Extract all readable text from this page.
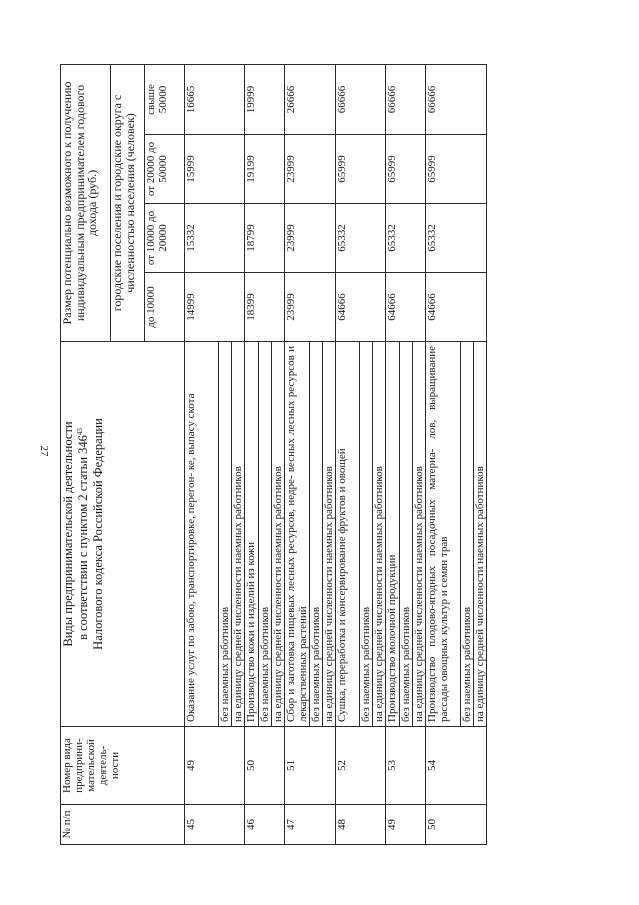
27
№ п/п	Номер вида предприни- мательской деятель- ности	Виды предпринимательской деятельности
в соответствии с пунктом 2 статьи $346^{43}$ Налогового кодекса Российской Федерации	Размер потенциально возможного к получению индивидуальным предпринимателем годового дохода (руб.)			
			городские поселения и городские округа с численностью населения (человек)			
			до 10000	от 10000 до 20000	от 20000 до 50000	свыше 50000
45	49	Оказание услуг по забою, транспортировке, перегон- ке, выпасу скота	14999	15332	15999	16665
		без наемных работников				
		на единицу средней численности наемных работников				
46	50	Производство кожи и изделий из кожи	18399	18799	19199	19999
		без наемных работников				
		на единицу средней численности наемных работников				
47	51	Сбор и заготовка пищевых лесных ресурсов, недре- весных лесных ресурсов и лекарственных растений	23999	23999	23999	26666
		без наемных работников				
		на единицу средней численности наемных работников				
48	52	Сушка, переработка и консервирование фруктов и овощей	64666	65332	65999	66666
		без наемных работников				
		на единицу средней численности наемных работников				
49	53	Производство молочной продукции	64666	65332	65999	66666
		без наемных работников				
		на единицу средней численности наемных работников				
50	54	Производство плодово-ягодных посадочных материа- лов, выращивание рассады овощных культур и семян трав	64666	65332	65999	66666
		без наемных работников				
		на единицу средней численности наемных работников				
